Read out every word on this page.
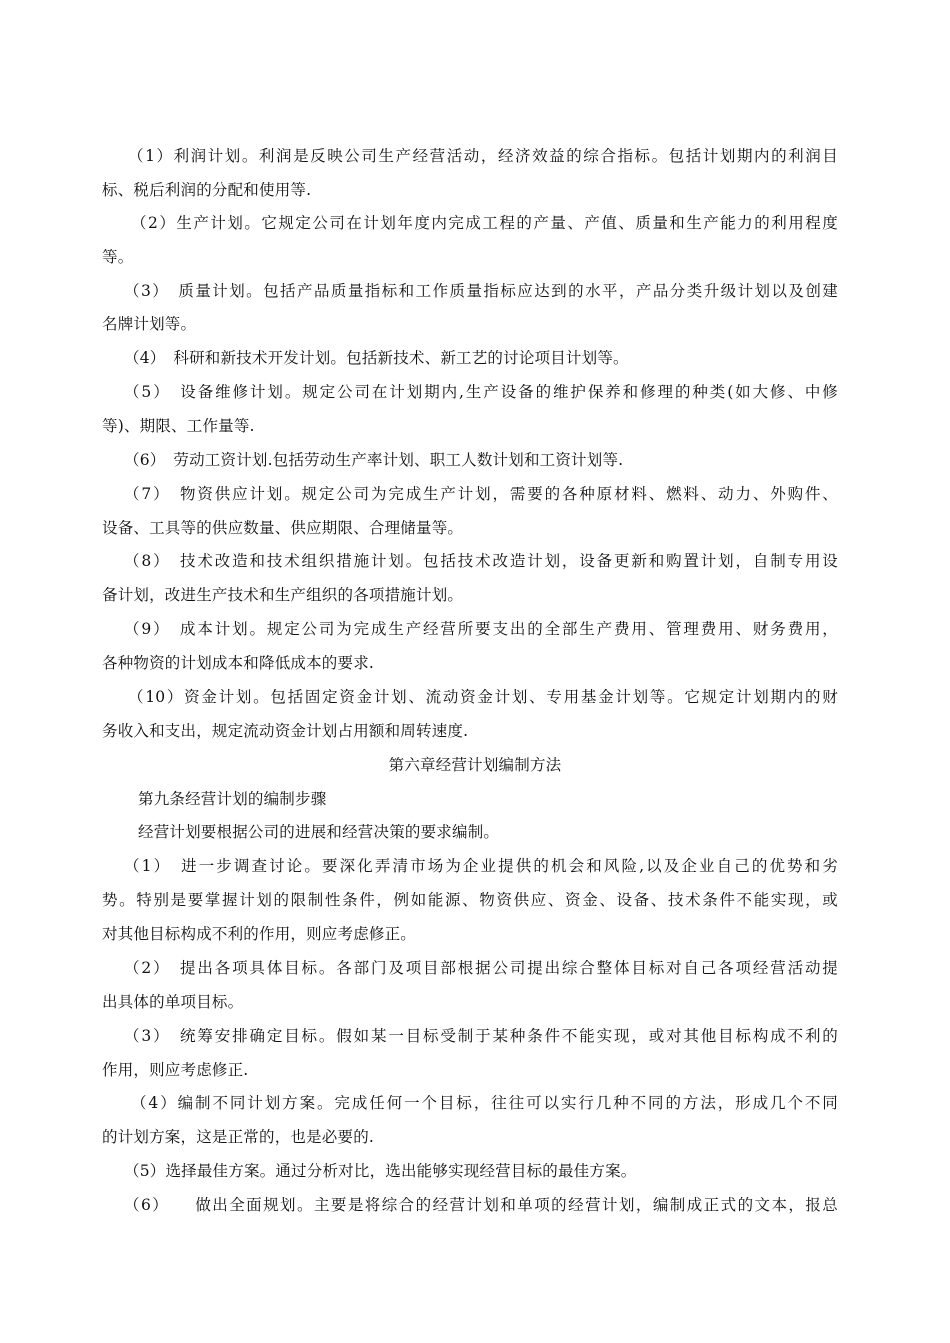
（1）利润计划。利润是反映公司生产经营活动，经济效益的综合指标。包括计划期内的利润目
标、税后利润的分配和使用等.
（2）生产计划。它规定公司在计划年度内完成工程的产量、产值、质量和生产能力的利用程度
等。
（3）　质量计划。包括产品质量指标和工作质量指标应达到的水平，产品分类升级计划以及创建
名牌计划等。
（4）　科研和新技术开发计划。包括新技术、新工艺的讨论项目计划等。
（5）　设备维修计划。规定公司在计划期内,生产设备的维护保养和修理的种类(如大修、中修
等)、期限、工作量等.
（6）　劳动工资计划.包括劳动生产率计划、职工人数计划和工资计划等.
（7）　物资供应计划。规定公司为完成生产计划，需要的各种原材料、燃料、动力、外购件、
设备、工具等的供应数量、供应期限、合理储量等。
（8）　技术改造和技术组织措施计划。包括技术改造计划，设备更新和购置计划，自制专用设
备计划，改进生产技术和生产组织的各项措施计划。
（9）　成本计划。规定公司为完成生产经营所要支出的全部生产费用、管理费用、财务费用，
各种物资的计划成本和降低成本的要求.
（10）资金计划。包括固定资金计划、流动资金计划、专用基金计划等。它规定计划期内的财
务收入和支出，规定流动资金计划占用额和周转速度.
第六章经营计划编制方法
第九条经营计划的编制步骤
经营计划要根据公司的进展和经营决策的要求编制。
（1）　进一步调查讨论。要深化弄清市场为企业提供的机会和风险,以及企业自己的优势和劣
势。特别是要掌握计划的限制性条件，例如能源、物资供应、资金、设备、技术条件不能实现，或
对其他目标构成不利的作用，则应考虑修正。
（2）　提出各项具体目标。各部门及项目部根据公司提出综合整体目标对自己各项经营活动提
出具体的单项目标。
（3）　统筹安排确定目标。假如某一目标受制于某种条件不能实现，或对其他目标构成不利的
作用，则应考虑修正.
（4）编制不同计划方案。完成任何一个目标，往往可以实行几种不同的方法，形成几个不同
的计划方案，这是正常的，也是必要的.
（5）选择最佳方案。通过分析对比，选出能够实现经营目标的最佳方案。
（6）　　做出全面规划。主要是将综合的经营计划和单项的经营计划，编制成正式的文本，报总
